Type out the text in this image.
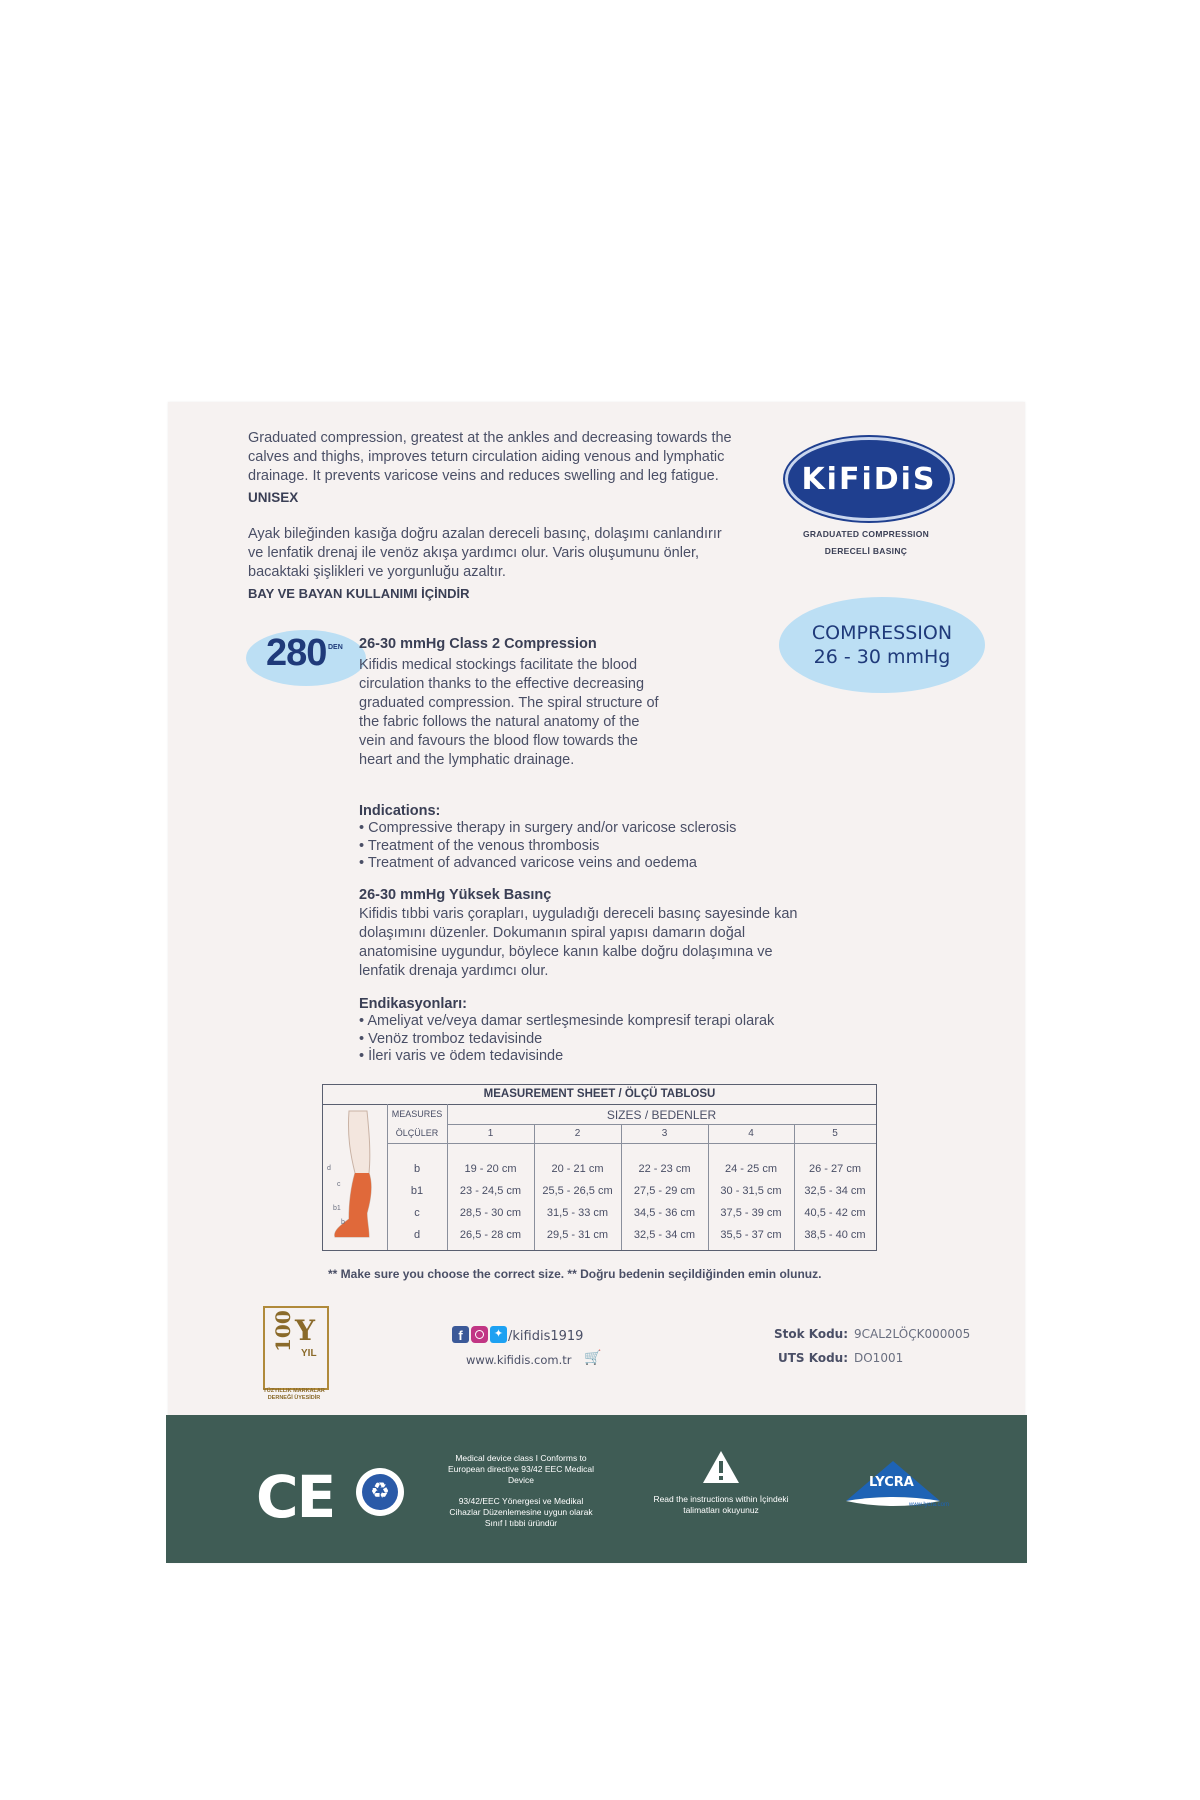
Graduated compression, greatest at the ankles and decreasing towards the calves and thighs, improves teturn circulation aiding venous and lymphatic drainage. It prevents varicose veins and reduces swelling and leg fatigue.

UNISEX

Ayak bileğinden kasığa doğru azalan dereceli basınç, dolaşımı canlandırır ve lenfatik drenaj ile venöz akışa yardımcı olur. Varis oluşumunu önler, bacaktaki şişlikleri ve yorgunluğu azaltır.

BAY VE BAYAN KULLANIMI İÇİNDİR
KiFiDiS
GRADUATED COMPRESSION
DERECELİ BASINÇ
COMPRESSION
26 - 30 mmHg
280 DEN 26-30 mmHg Class 2 Compression

Kifidis medical stockings facilitate the blood circulation thanks to the effective decreasing graduated compression. The spiral structure of the fabric follows the natural anatomy of the vein and favours the blood flow towards the heart and the lymphatic drainage.

Indications:
• Compressive therapy in surgery and/or varicose sclerosis
• Treatment of the venous thrombosis
• Treatment of advanced varicose veins and oedema
26-30 mmHg Yüksek Basınç

Kifidis tıbbi varis çorapları, uyguladığı dereceli basınç sayesinde kan dolaşımını düzenler. Dokumanın spiral yapısı damarın doğal anatomisine uygundur, böylece kanın kalbe doğru dolaşımına ve lenfatik drenaja yardımcı olur.

Endikasyonları:
• Ameliyat ve/veya damar sertleşmesinde kompresif terapi olarak
• Venöz tromboz tedavisinde
• İleri varis ve ödem tedavisinde
MEASUREMENT SHEET / ÖLÇÜ TABLOSU
d
c
b1
b
MEASURES
ÖLÇÜLER
SIZES / BEDENLER
1	2	3	4	5
b	19 - 20 cm	20 - 21 cm	22 - 23 cm	24 - 25 cm	26 - 27 cm
b1	23 - 24,5 cm	25,5 - 26,5 cm	27,5 - 29 cm	30 - 31,5 cm	32,5 - 34 cm
c	28,5 - 30 cm	31,5 - 33 cm	34,5 - 36 cm	37,5 - 39 cm	40,5 - 42 cm
d	26,5 - 28 cm	29,5 - 31 cm	32,5 - 34 cm	35,5 - 37 cm	38,5 - 40 cm
** Make sure you choose the correct size. ** Doğru bedenin seçildiğinden emin olunuz.
100 Y
YIL
YÜZYILLIK MARKALAR DERNEĞİ ÜYESİDİR
f	✦ /kifidis1919
www.kifidis.com.tr 🛒
Stok Kodu: 9CAL2LÖÇK000005
UTS Kodu: DO1001
CE	♻
Medical device class I Conforms to European directive 93/42 EEC Medical Device
93/42/EEC Yönergesi ve Medikal Cihazlar Düzenlemesine uygun olarak Sınıf I tıbbi üründür
Read the instructions within İçindeki talimatları okuyunuz
LYCRA
www.lycra.com
